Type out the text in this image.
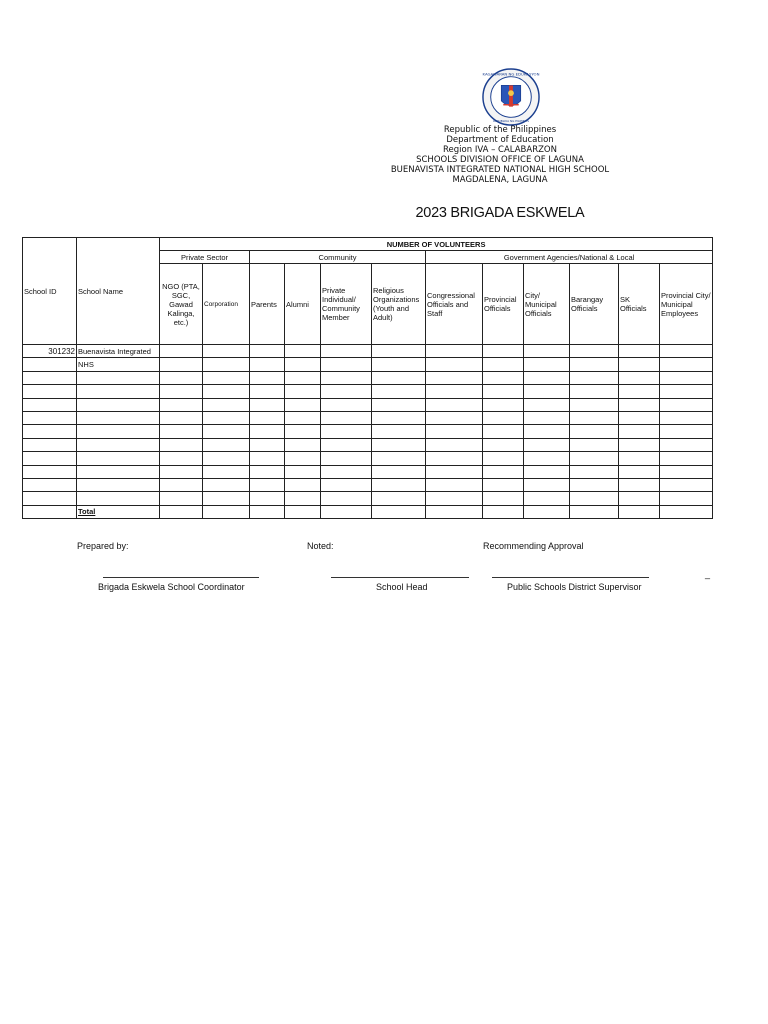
KAGAWARAN NG EDUKASYON
REPUBLIKA NG PILIPINAS
Republic of the Philippines
Department of Education
Region IVA – CALABARZON
SCHOOLS DIVISION OFFICE OF LAGUNA
BUENAVISTA INTEGRATED NATIONAL HIGH SCHOOL
MAGDALENA, LAGUNA
2023 BRIGADA ESKWELA
School ID	School Name	NUMBER OF VOLUNTEERS											
		Private Sector		Community				Government Agencies/National & Local					
		NGO (PTA, SGC, Gawad Kalinga, etc.)	Corporation	Parents	Alumni	Private Individual/ Community Member	Religious Organizations (Youth and Adult)	Congressional Officials and Staff	Provincial Officials	City/ Municipal Officials	Barangay Officials	SK Officials	Provincial City/ Municipal Employees
301232	Buenavista Integrated												
	NHS												

	Total												
Prepared by:	Noted:	Recommending Approval
_
Brigada Eskwela School Coordinator	School Head	Public Schools District Supervisor
